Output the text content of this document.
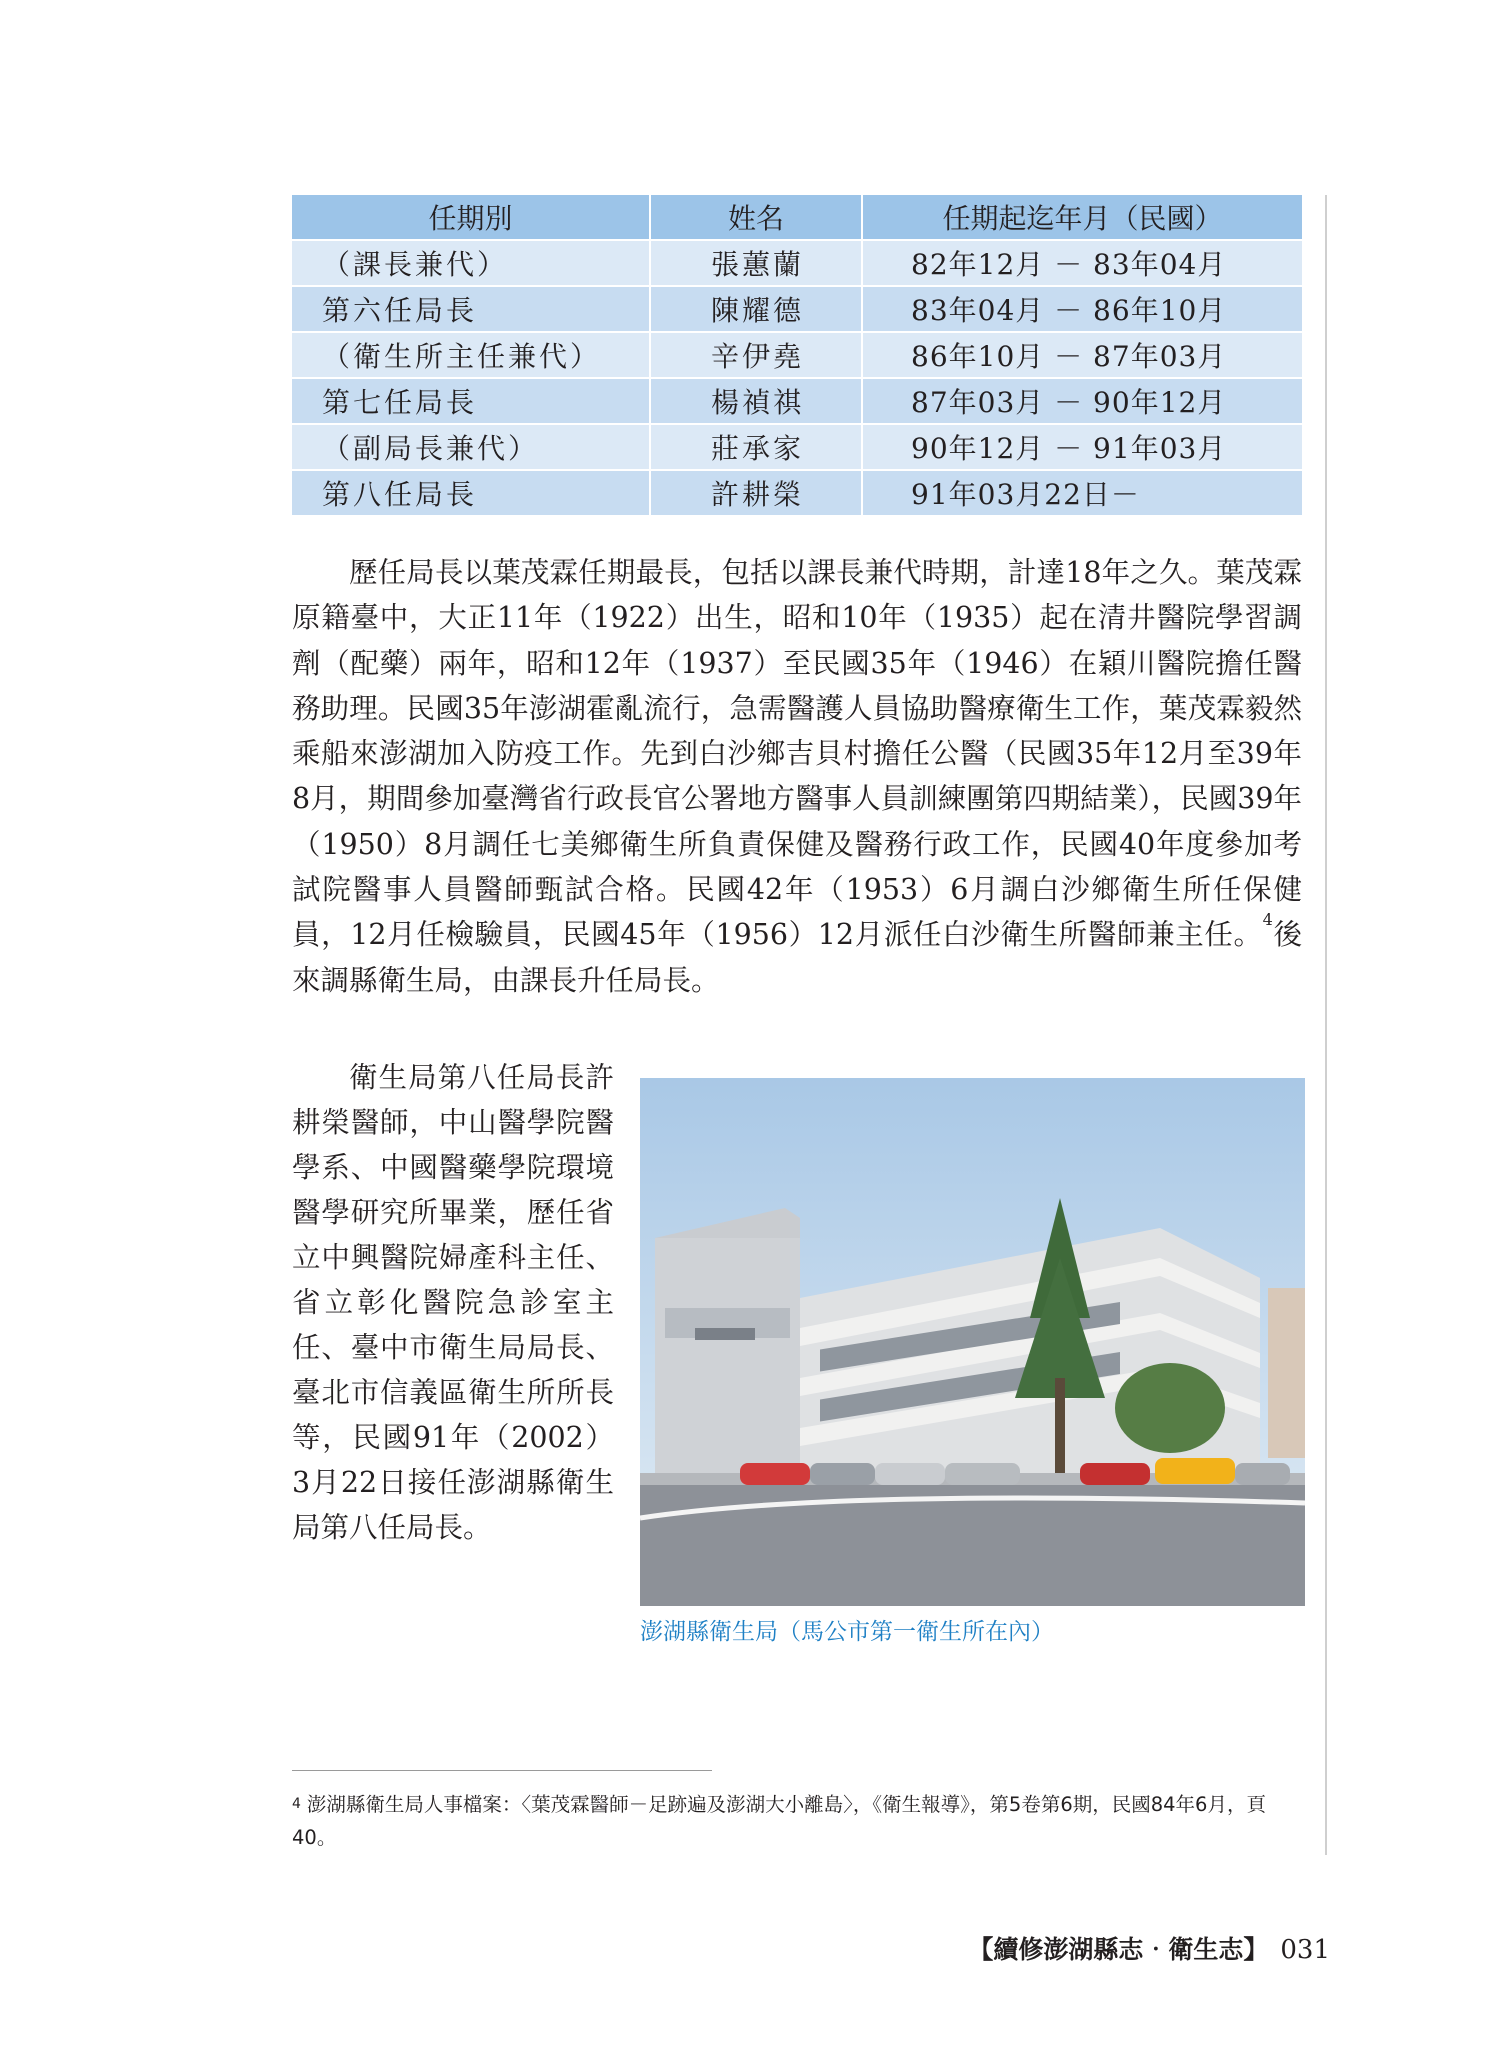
任期別	姓名	任期起迄年月（民國）
（課長兼代）	張蕙蘭	82年12月 － 83年04月
第六任局長	陳耀德	83年04月 － 86年10月
（衛生所主任兼代）	辛伊堯	86年10月 － 87年03月
第七任局長	楊禎祺	87年03月 － 90年12月
（副局長兼代）	莊承家	90年12月 － 91年03月
第八任局長	許耕榮	91年03月22日－

歷任局長以葉茂霖任期最長，包括以課長兼代時期，計達18年之久。葉茂霖原籍臺中，大正11年（1922）出生，昭和10年（1935）起在清井醫院學習調劑（配藥）兩年，昭和12年（1937）至民國35年（1946）在穎川醫院擔任醫務助理。民國35年澎湖霍亂流行，急需醫護人員協助醫療衛生工作，葉茂霖毅然乘船來澎湖加入防疫工作。先到白沙鄉吉貝村擔任公醫（民國35年12月至39年8月，期間參加臺灣省行政長官公署地方醫事人員訓練團第四期結業），民國39年（1950）8月調任七美鄉衛生所負責保健及醫務行政工作，民國40年度參加考試院醫事人員醫師甄試合格。民國42年（1953）6月調白沙鄉衛生所任保健員，12月任檢驗員，民國45年（1956）12月派任白沙衛生所醫師兼主任。$^4$後來調縣衛生局，由課長升任局長。

衛生局第八任局長許耕榮醫師，中山醫學院醫學系、中國醫藥學院環境醫學研究所畢業，歷任省立中興醫院婦產科主任、省立彰化醫院急診室主任、臺中市衛生局局長、臺北市信義區衛生所所長等，民國91年（2002）3月22日接任澎湖縣衛生局第八任局長。

澎湖縣衛生局（馬公市第一衛生所在內）

$^4$ 澎湖縣衛生局人事檔案：〈葉茂霖醫師－足跡遍及澎湖大小離島〉，《衛生報導》，第5卷第6期，民國84年6月，頁40。

【續修澎湖縣志‧衛生志】 031
